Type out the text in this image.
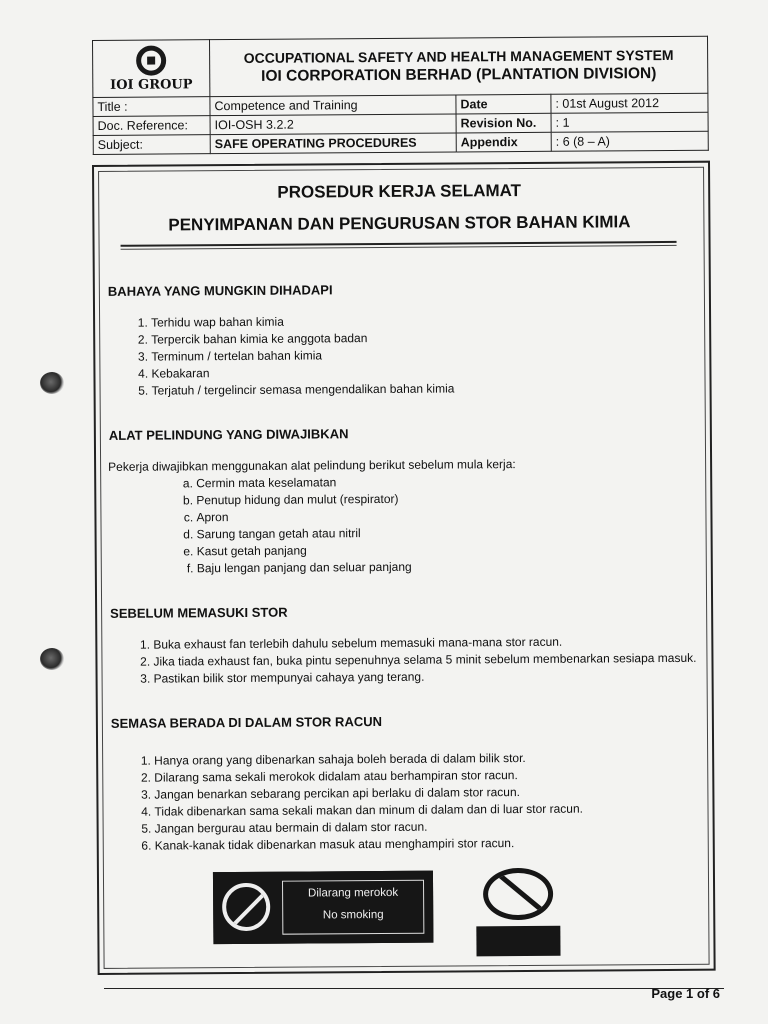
IOI GROUP	OCCUPATIONAL SAFETY AND HEALTH MANAGEMENT SYSTEM
IOI CORPORATION BERHAD (PLANTATION DIVISION)		

Title :	Competence and Training	Date	: 01st August 2012
Doc. Reference:	IOI-OSH 3.2.2	Revision No.	: 1
Subject:	SAFE OPERATING PROCEDURES	Appendix	: 6 (8 – A)
PROSEDUR KERJA SELAMAT
PENYIMPANAN DAN PENGURUSAN STOR BAHAN KIMIA
BAHAYA YANG MUNGKIN DIHADAPI
1. Terhidu wap bahan kimia
2. Terpercik bahan kimia ke anggota badan
3. Terminum / tertelan bahan kimia
4. Kebakaran
5. Terjatuh / tergelincir semasa mengendalikan bahan kimia
ALAT PELINDUNG YANG DIWAJIBKAN

Pekerja diwajibkan menggunakan alat pelindung berikut sebelum mula kerja:

a. Cermin mata keselamatan
b. Penutup hidung dan mulut (respirator)
c. Apron
d. Sarung tangan getah atau nitril
e. Kasut getah panjang
f. Baju lengan panjang dan seluar panjang
SEBELUM MEMASUKI STOR
1. Buka exhaust fan terlebih dahulu sebelum memasuki mana-mana stor racun.
2. Jika tiada exhaust fan, buka pintu sepenuhnya selama 5 minit sebelum membenarkan sesiapa masuk.
3. Pastikan bilik stor mempunyai cahaya yang terang.
SEMASA BERADA DI DALAM STOR RACUN
1. Hanya orang yang dibenarkan sahaja boleh berada di dalam bilik stor.
2. Dilarang sama sekali merokok didalam atau berhampiran stor racun.
3. Jangan benarkan sebarang percikan api berlaku di dalam stor racun.
4. Tidak dibenarkan sama sekali makan dan minum di dalam dan di luar stor racun.
5. Jangan bergurau atau bermain di dalam stor racun.
6. Kanak-kanak tidak dibenarkan masuk atau menghampiri stor racun.
Dilarang merokok
No smoking
Page 1 of 6
